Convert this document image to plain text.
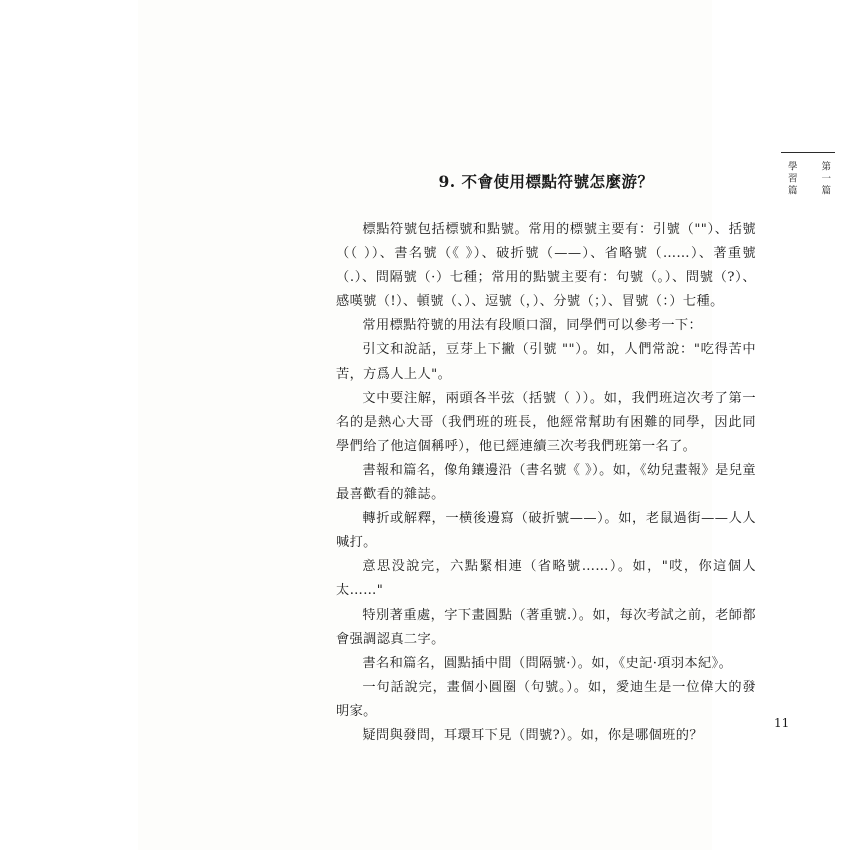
第一篇
學習篇
9. 不會使用標點符號怎麼游？

標點符號包括標號和點號。常用的標號主要有：引號（""）、括號（（ ））、書名號（《 》）、破折號（——）、省略號（……）、著重號（.）、問隔號（·）七種；常用的點號主要有：句號（。）、問號（?）、感嘆號（!）、頓號（、）、逗號（，）、分號（；）、冒號（：）七種。

常用標點符號的用法有段順口溜，同學們可以參考一下：

引文和說話，豆芽上下撇（引號 ""）。如，人們常說："吃得苦中苦，方爲人上人"。

文中要注解，兩頭各半弦（括號（ ））。如，我們班這次考了第一名的是熱心大哥（我們班的班長，他經常幫助有困難的同學，因此同學們给了他這個稱呼），他已經連續三次考我們班第一名了。

書報和篇名，像角鑲邊沿（書名號《 》）。如，《幼兒畫報》是兒童最喜歡看的雜誌。

轉折或解釋，一横後邊寫（破折號——）。如，老鼠過街——人人喊打。

意思没說完，六點緊相連（省略號……）。如，"哎，你這個人太……"

特別著重處，字下畫圓點（著重號.）。如，每次考試之前，老師都會强調認真二字。

書名和篇名，圓點插中間（問隔號·）。如，《史記·項羽本紀》。

一句話說完，畫個小圓圈（句號。）。如，愛迪生是一位偉大的發明家。

疑問與發問，耳環耳下見（問號?）。如，你是哪個班的？

11
